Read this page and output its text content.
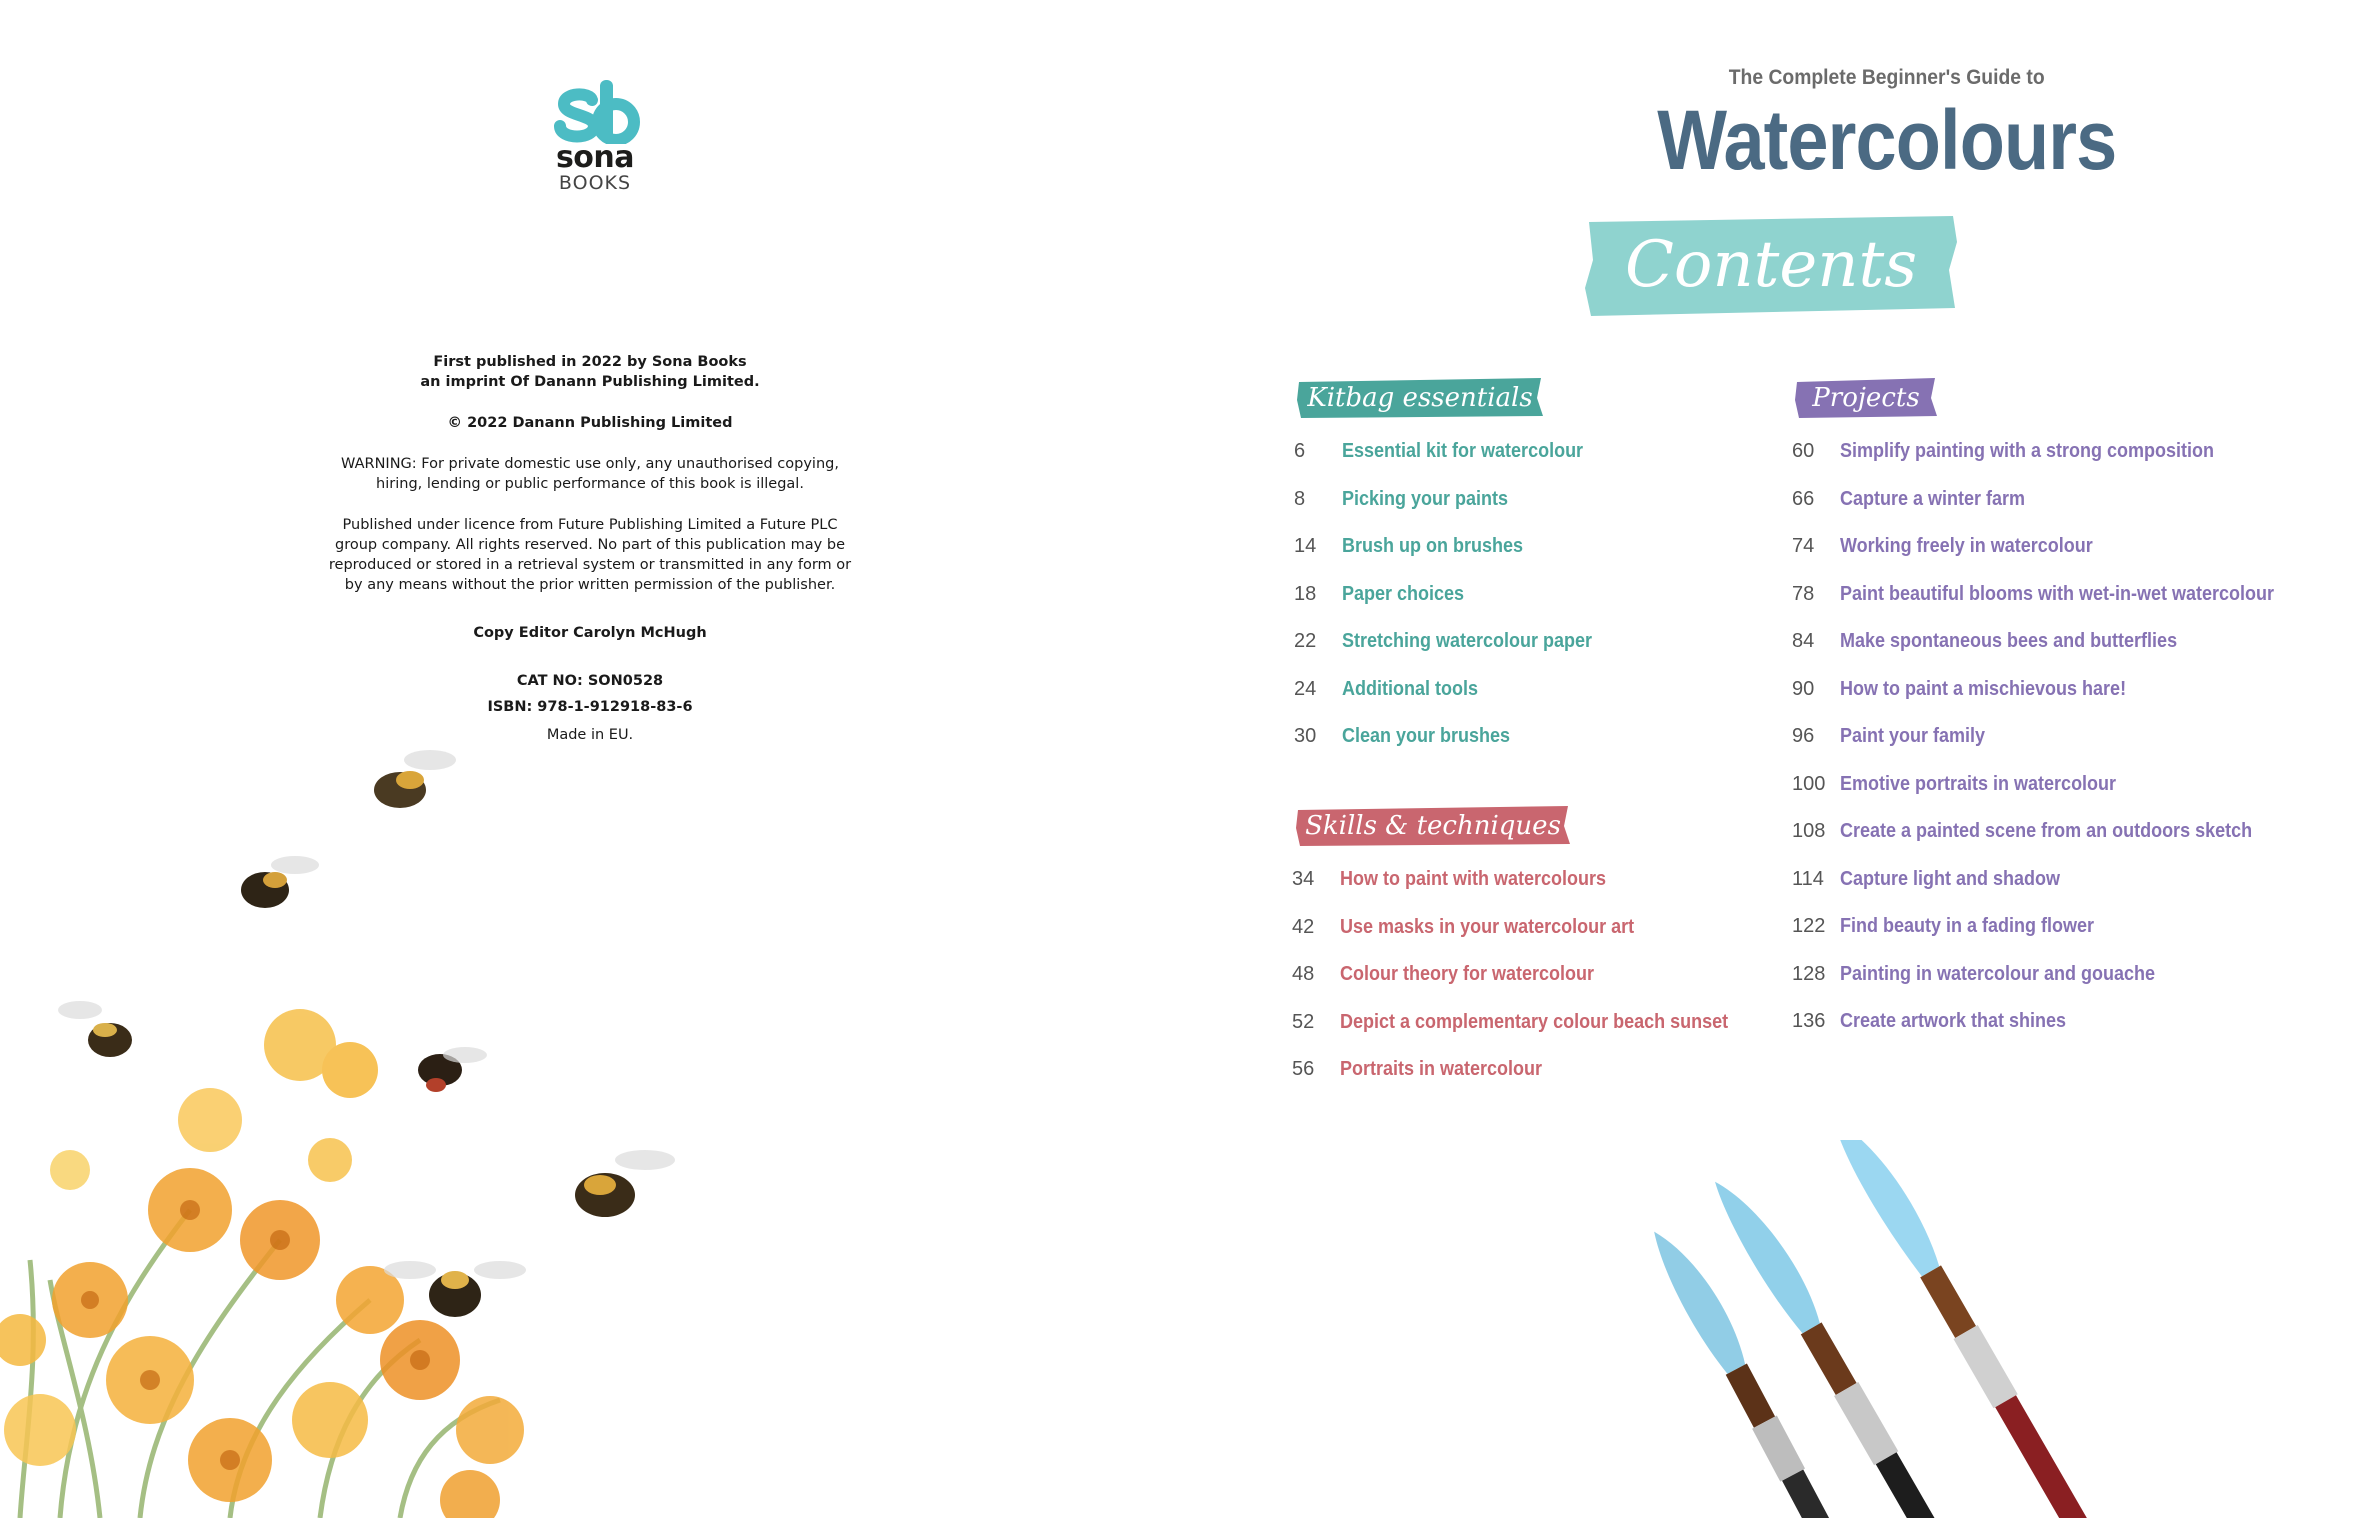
sona
BOOKS

First published in 2022 by Sona Books

an imprint Of Danann Publishing Limited.

© 2022 Danann Publishing Limited

WARNING: For private domestic use only, any unauthorised copying,

hiring, lending or public performance of this book is illegal.

Published under licence from Future Publishing Limited a Future PLC

group company. All rights reserved. No part of this publication may be

reproduced or stored in a retrieval system or transmitted in any form or

by any means without the prior written permission of the publisher.

Copy Editor Carolyn McHugh

CAT NO: SON0528

ISBN: 978-1-912918-83-6

Made in EU.

The Complete Beginner's Guide to
Watercolours
Contents
Kitbag essentials
6 Essential kit for watercolour
8 Picking your paints
14 Brush up on brushes
18 Paper choices
22 Stretching watercolour paper
24 Additional tools
30 Clean your brushes
Skills & techniques
34 How to paint with watercolours
42 Use masks in your watercolour art
48 Colour theory for watercolour
52 Depict a complementary colour beach sunset
56 Portraits in watercolour
Projects
60 Simplify painting with a strong composition
66 Capture a winter farm
74 Working freely in watercolour
78 Paint beautiful blooms with wet-in-wet watercolour
84 Make spontaneous bees and butterflies
90 How to paint a mischievous hare!
96 Paint your family
100 Emotive portraits in watercolour
108 Create a painted scene from an outdoors sketch
114 Capture light and shadow
122 Find beauty in a fading flower
128 Painting in watercolour and gouache
136 Create artwork that shines
